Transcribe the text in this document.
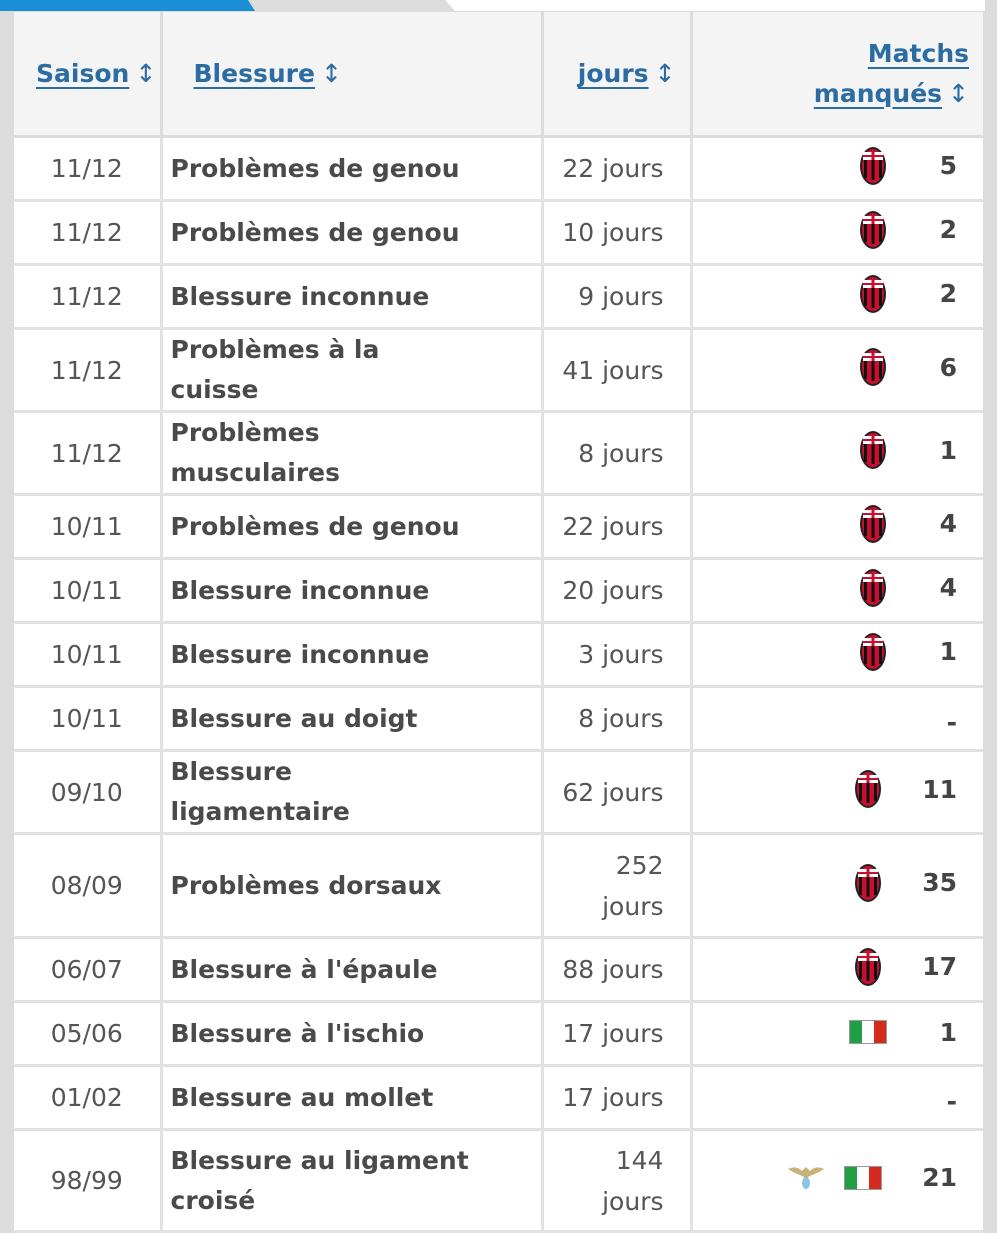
Saison ↕	Blessure ↕	jours ↕	Matchs
manqués ↕
11/12	Problèmes de genou	22 jours	5

11/12	Problèmes de genou	10 jours	2

11/12	Blessure inconnue	9 jours	2

11/12	Problèmes à la cuisse	41 jours	6

11/12	Problèmes musculaires	8 jours	1

10/11	Problèmes de genou	22 jours	4

10/11	Blessure inconnue	20 jours	4

10/11	Blessure inconnue	3 jours	1

10/11	Blessure au doigt	8 jours	-

09/10	Blessure ligamentaire	62 jours	11

08/09	Problèmes dorsaux	252 jours	35

06/07	Blessure à l'épaule	88 jours	17

05/06	Blessure à l'ischio	17 jours	1

01/02	Blessure au mollet	17 jours	-

98/99	Blessure au ligament croisé	144 jours	21
